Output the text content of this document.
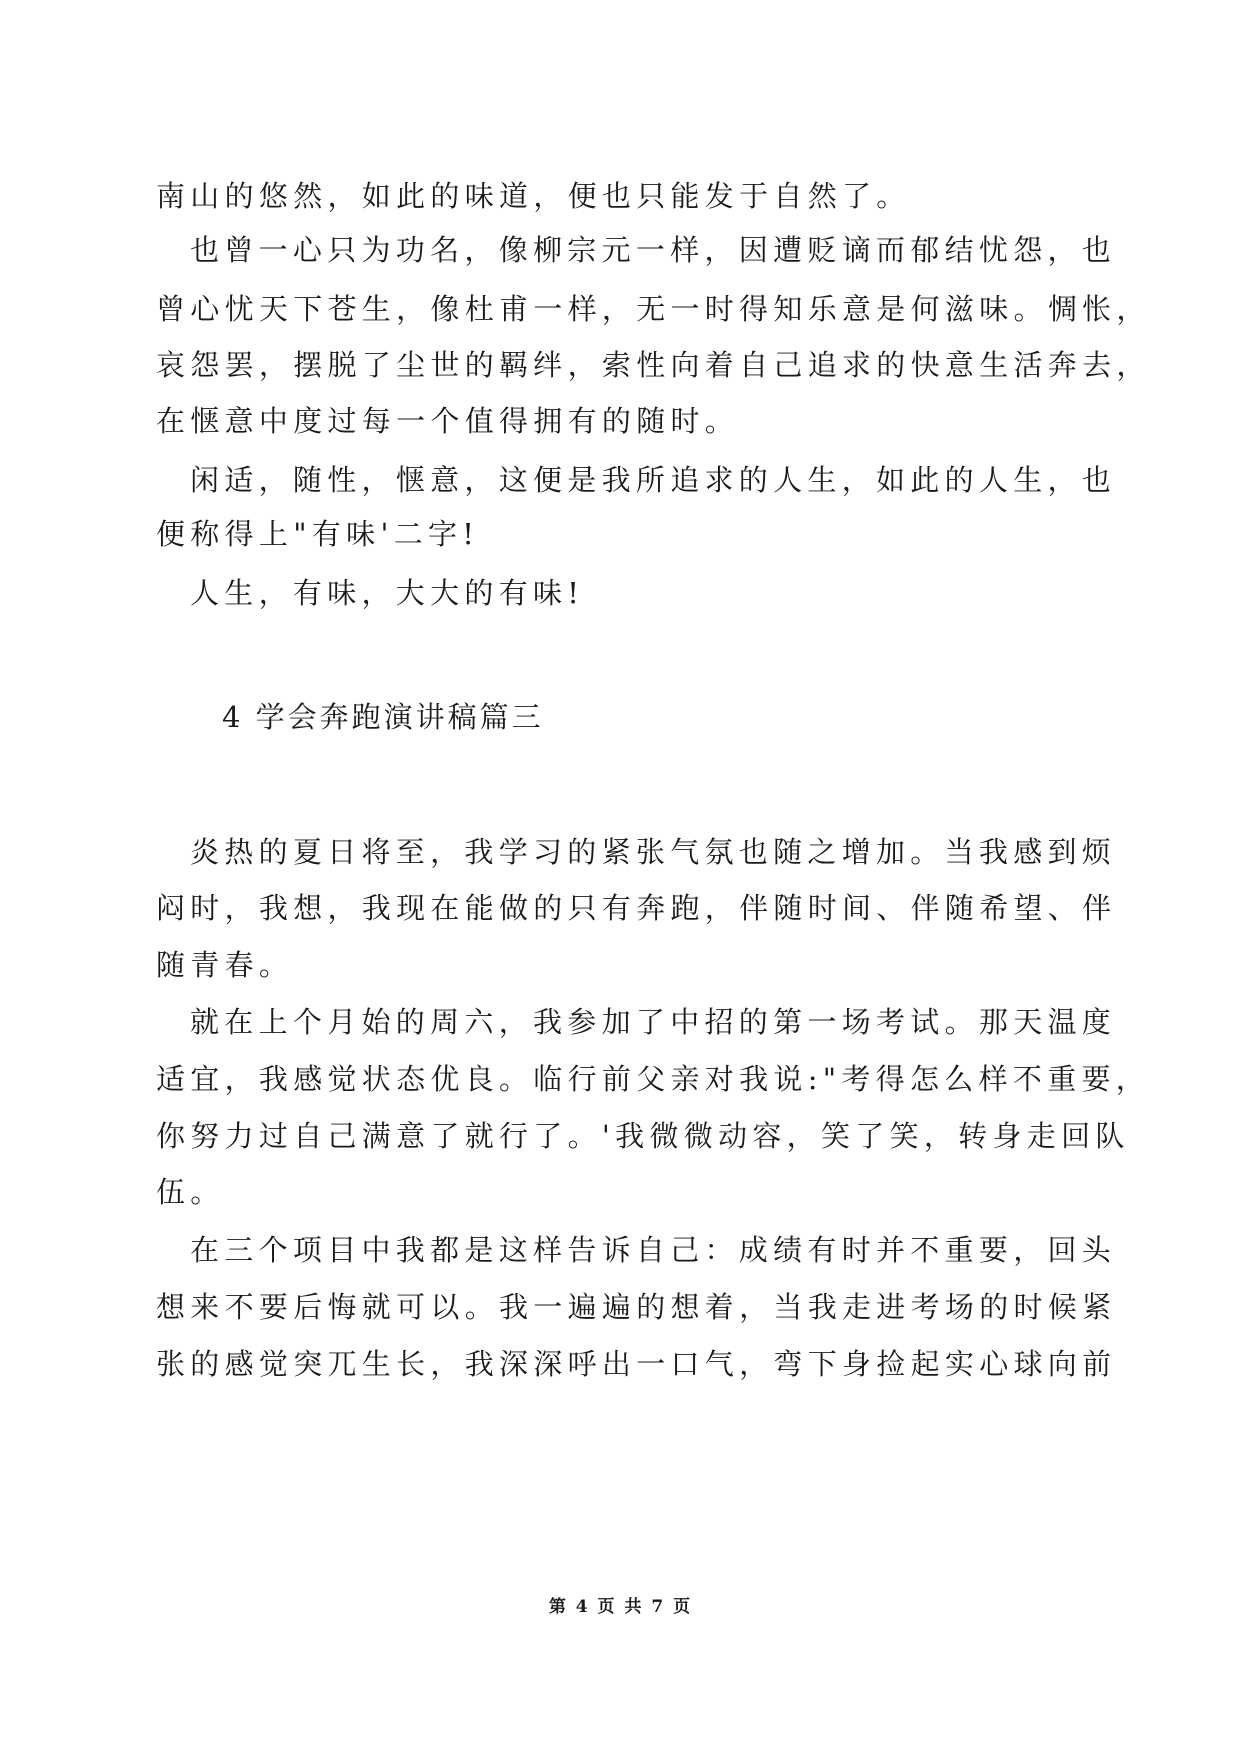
南山的悠然，如此的味道，便也只能发于自然了。
也曾一心只为功名，像柳宗元一样，因遭贬谪而郁结忧怨，也
曾心忧天下苍生，像杜甫一样，无一时得知乐意是何滋味。惆怅，
哀怨罢，摆脱了尘世的羁绊，索性向着自己追求的快意生活奔去，
在惬意中度过每一个值得拥有的随时。
闲适，随性，惬意，这便是我所追求的人生，如此的人生，也
便称得上"有味'二字!
人生，有味，大大的有味!
4 学会奔跑演讲稿篇三
炎热的夏日将至，我学习的紧张气氛也随之增加。当我感到烦
闷时，我想，我现在能做的只有奔跑，伴随时间、伴随希望、伴
随青春。
就在上个月始的周六，我参加了中招的第一场考试。那天温度
适宜，我感觉状态优良。临行前父亲对我说:"考得怎么样不重要，
你努力过自己满意了就行了。'我微微动容，笑了笑，转身走回队
伍。
在三个项目中我都是这样告诉自己：成绩有时并不重要，回头
想来不要后悔就可以。我一遍遍的想着，当我走进考场的时候紧
张的感觉突兀生长，我深深呼出一口气，弯下身捡起实心球向前
第 4 页 共 7 页
